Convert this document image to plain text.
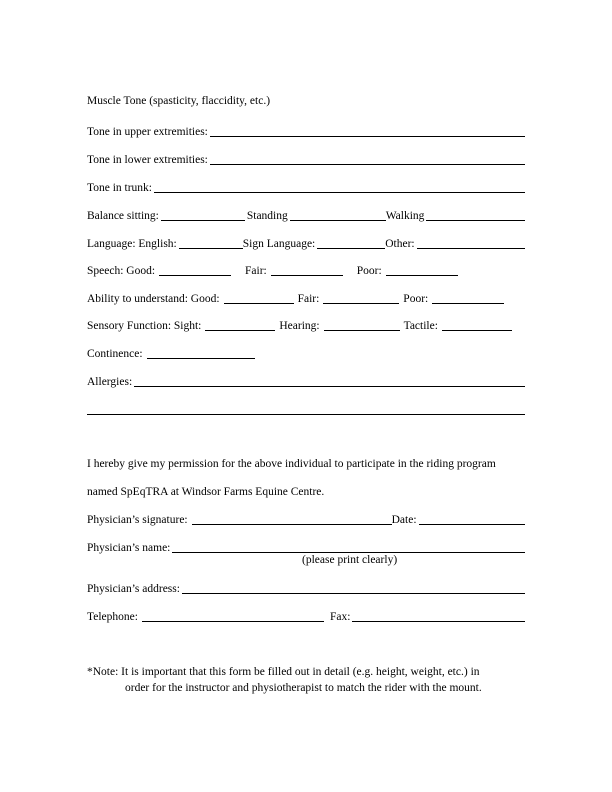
Muscle Tone (spasticity, flaccidity, etc.)
Tone in upper extremities:
Tone in lower extremities:
Tone in trunk:
Balance sitting:	Standing	Walking
Language: English:	Sign Language:	Other:
Speech: Good:	Fair:	Poor:
Ability to understand: Good:	Fair:	Poor:
Sensory Function: Sight:	Hearing:	Tactile:
Continence:
Allergies:
I hereby give my permission for the above individual to participate in the riding program
named SpEqTRA at Windsor Farms Equine Centre.
Physician’s signature:	Date:
Physician’s name:
(please print clearly)
Physician’s address:
Telephone:	Fax:
*Note: It is important that this form be filled out in detail (e.g. height, weight, etc.) in
order for the instructor and physiotherapist to match the rider with the mount.
